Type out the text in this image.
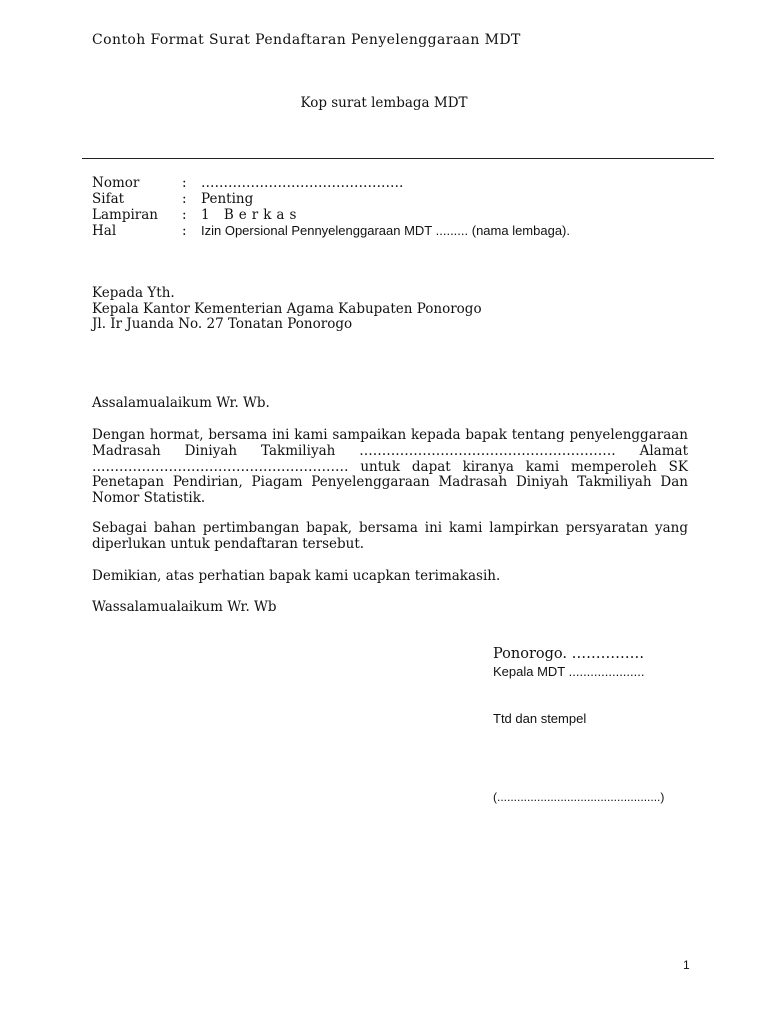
Contoh Format Surat Pendaftaran Penyelenggaraan MDT
Kop surat lembaga MDT
Nomor	: ………………………………………
Sifat	: Penting
Lampiran : 1 Berkas
Hal	: Izin Opersional Pennyelenggaraan MDT ......... (nama lembaga).
Kepada Yth.
Kepala Kantor Kementerian Agama Kabupaten Ponorogo
Jl. Ir Juanda No. 27 Tonatan Ponorogo
Assalamualaikum Wr. Wb.
Dengan hormat, bersama ini kami sampaikan kepada bapak tentang penyelenggaraan Madrasah Diniyah Takmiliyah ………………………………………………… Alamat ………………………………………………… untuk dapat kiranya kami memperoleh SK Penetapan Pendirian, Piagam Penyelenggaraan Madrasah Diniyah Takmiliyah Dan Nomor Statistik.
Sebagai bahan pertimbangan bapak, bersama ini kami lampirkan persyaratan yang diperlukan untuk pendaftaran tersebut.
Demikian, atas perhatian bapak kami ucapkan terimakasih.
Wassalamualaikum Wr. Wb
Ponorogo. ……………
Kepala MDT .....................
Ttd dan stempel
(.................................................)
1
